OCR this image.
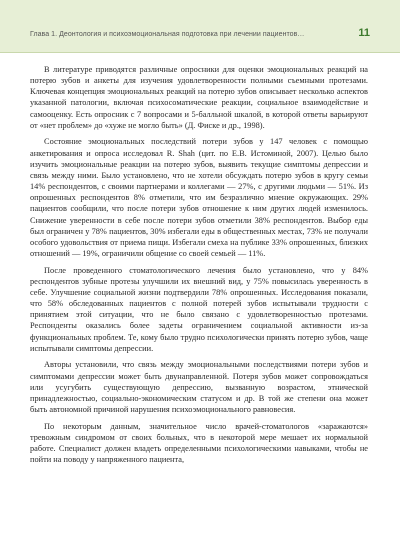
Глава 1. Деонтология и психоэмоциональная подготовка при лечении пациентов…	11

В литературе приводятся различные опросники для оценки эмоциональных реакций на потерю зубов и анкеты для изучения удовлетворенности полными съемными протезами. Ключевая концепция эмоциональных реакций на потерю зубов описывает несколько аспектов указанной патологии, включая психосоматические реакции, социальное взаимодействие и самооценку. Есть опросник с 7 вопросами и 5-балльной шкалой, в которой ответы варьируют от «нет проблем» до «хуже не могло быть» (Д. Фиске и др., 1998).

Состояние эмоциональных последствий потери зубов у 147 человек с помощью анкетирования и опроса исследовал R. Shah (цит. по Е.В. Истоминой, 2007). Целью было изучить эмоциональные реакции на потерю зубов, выявить текущие симптомы депрессии и связь между ними. Было установлено, что не хотели обсуждать потерю зубов в кругу семьи 14% респондентов, с своими партнерами и коллегами — 27%, с другими людьми — 51%. Из опрошенных респондентов 8% отметили, что им безразлично мнение окружающих. 29% пациентов сообщили, что после потери зубов отношение к ним других людей изменилось. Снижение уверенности в себе после потери зубов отметили 38% респондентов. Выбор еды был ограничен у 78% пациентов, 30% избегали еды в общественных местах, 73% не получали особого удовольствия от приема пищи. Избегали смеха на публике 33% опрошенных, близких отношений — 19%, ограничили общение со своей семьей — 11%.

После проведенного стоматологического лечения было установлено, что у 84% респондентов зубные протезы улучшили их внешний вид, у 75% повысилась уверенность в себе. Улучшение социальной жизни подтвердили 78% опрошенных. Исследования показали, что 58% обследованных пациентов с полной потерей зубов испытывали трудности с принятием этой ситуации, что не было связано с удовлетворенностью протезами. Респонденты оказались более задеты ограничением социальной активности из-за функциональных проблем. Те, кому было трудно психологически принять потерю зубов, чаще испытывали симптомы депрессии.

Авторы установили, что связь между эмоциональными последствиями потери зубов и симптомами депрессии может быть двунаправленной. Потеря зубов может сопровождаться или усугубить существующую депрессию, вызванную возрастом, этнической принадлежностью, социально-экономическим статусом и др. В той же степени она может быть автономной причиной нарушения психоэмоционального равновесия.

По некоторым данным, значительное число врачей-стоматологов «заражаются» тревожным синдромом от своих больных, что в некоторой мере мешает их нормальной работе. Специалист должен владеть определенными психологическими навыками, чтобы не пойти на поводу у напряженного пациента,
